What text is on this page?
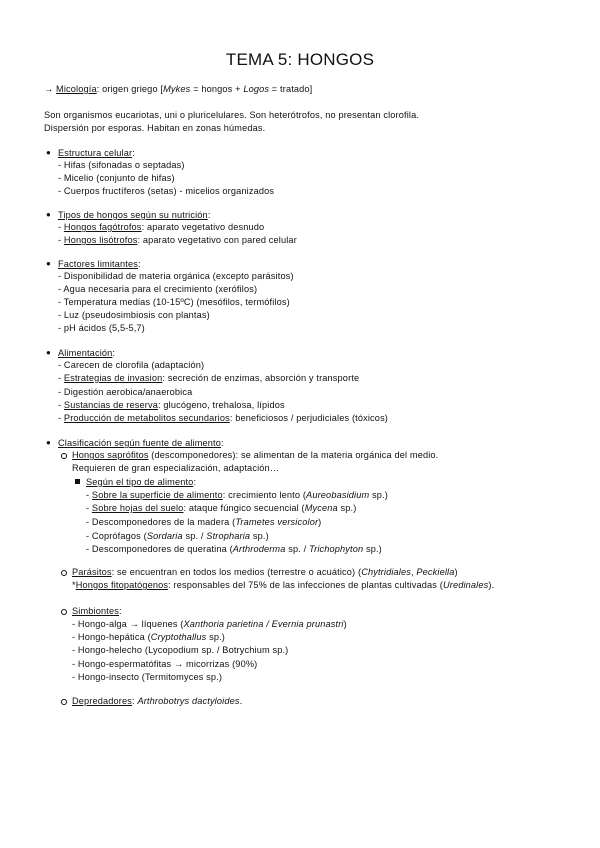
TEMA 5: HONGOS
→ Micología: origen griego [Mykes = hongos + Logos = tratado]
Son organismos eucariotas, uni o pluricelulares. Son heterótrofos, no presentan clorofila.
Dispersión por esporas. Habitan en zonas húmedas.
● Estructura celular:
- Hifas (sifonadas o septadas)
- Micelio (conjunto de hifas)
- Cuerpos fructíferos (setas) - micelios organizados
● Tipos de hongos según su nutrición:
- Hongos fagótrofos: aparato vegetativo desnudo
- Hongos lisótrofos: aparato vegetativo con pared celular
● Factores limitantes:
- Disponibilidad de materia orgánica (excepto parásitos)
- Agua necesaria para el crecimiento (xerófilos)
- Temperatura medias (10-15ºC) (mesófilos, termófilos)
- Luz (pseudosimbiosis con plantas)
- pH ácidos (5,5-5,7)
● Alimentación:
- Carecen de clorofila (adaptación)
- Estrategias de invasion: secreción de enzimas, absorción y transporte
- Digestión aerobica/anaerobica
- Sustancias de reserva: glucógeno, trehalosa, lípidos
- Producción de metabolitos secundarios: beneficiosos / perjudiciales (tóxicos)
● Clasificación según fuente de alimento:
Hongos saprófitos (descomponedores): se alimentan de la materia orgánica del medio.
Requieren de gran especialización, adaptación…
Según el tipo de alimento:
- Sobre la superficie de alimento: crecimiento lento (Aureobasidium sp.)
- Sobre hojas del suelo: ataque fúngico secuencial (Mycena sp.)
- Descomponedores de la madera (Trametes versicolor)
- Coprófagos (Sordaria sp. / Stropharia sp.)
- Descomponedores de queratina (Arthroderma sp. / Trichophyton sp.)
Parásitos: se encuentran en todos los medios (terrestre o acuático) (Chytridiales, Peckiella)
*Hongos fitopatógenos: responsables del 75% de las infecciones de plantas cultivadas (Uredinales).
Simbiontes:
- Hongo-alga → líquenes (Xanthoria parietina / Evernia prunastri)
- Hongo-hepática (Cryptothallus sp.)
- Hongo-helecho (Lycopodium sp. / Botrychium sp.)
- Hongo-espermatófitas → micorrizas (90%)
- Hongo-insecto (Termitomyces sp.)
Depredadores: Arthrobotrys dactyloides.
